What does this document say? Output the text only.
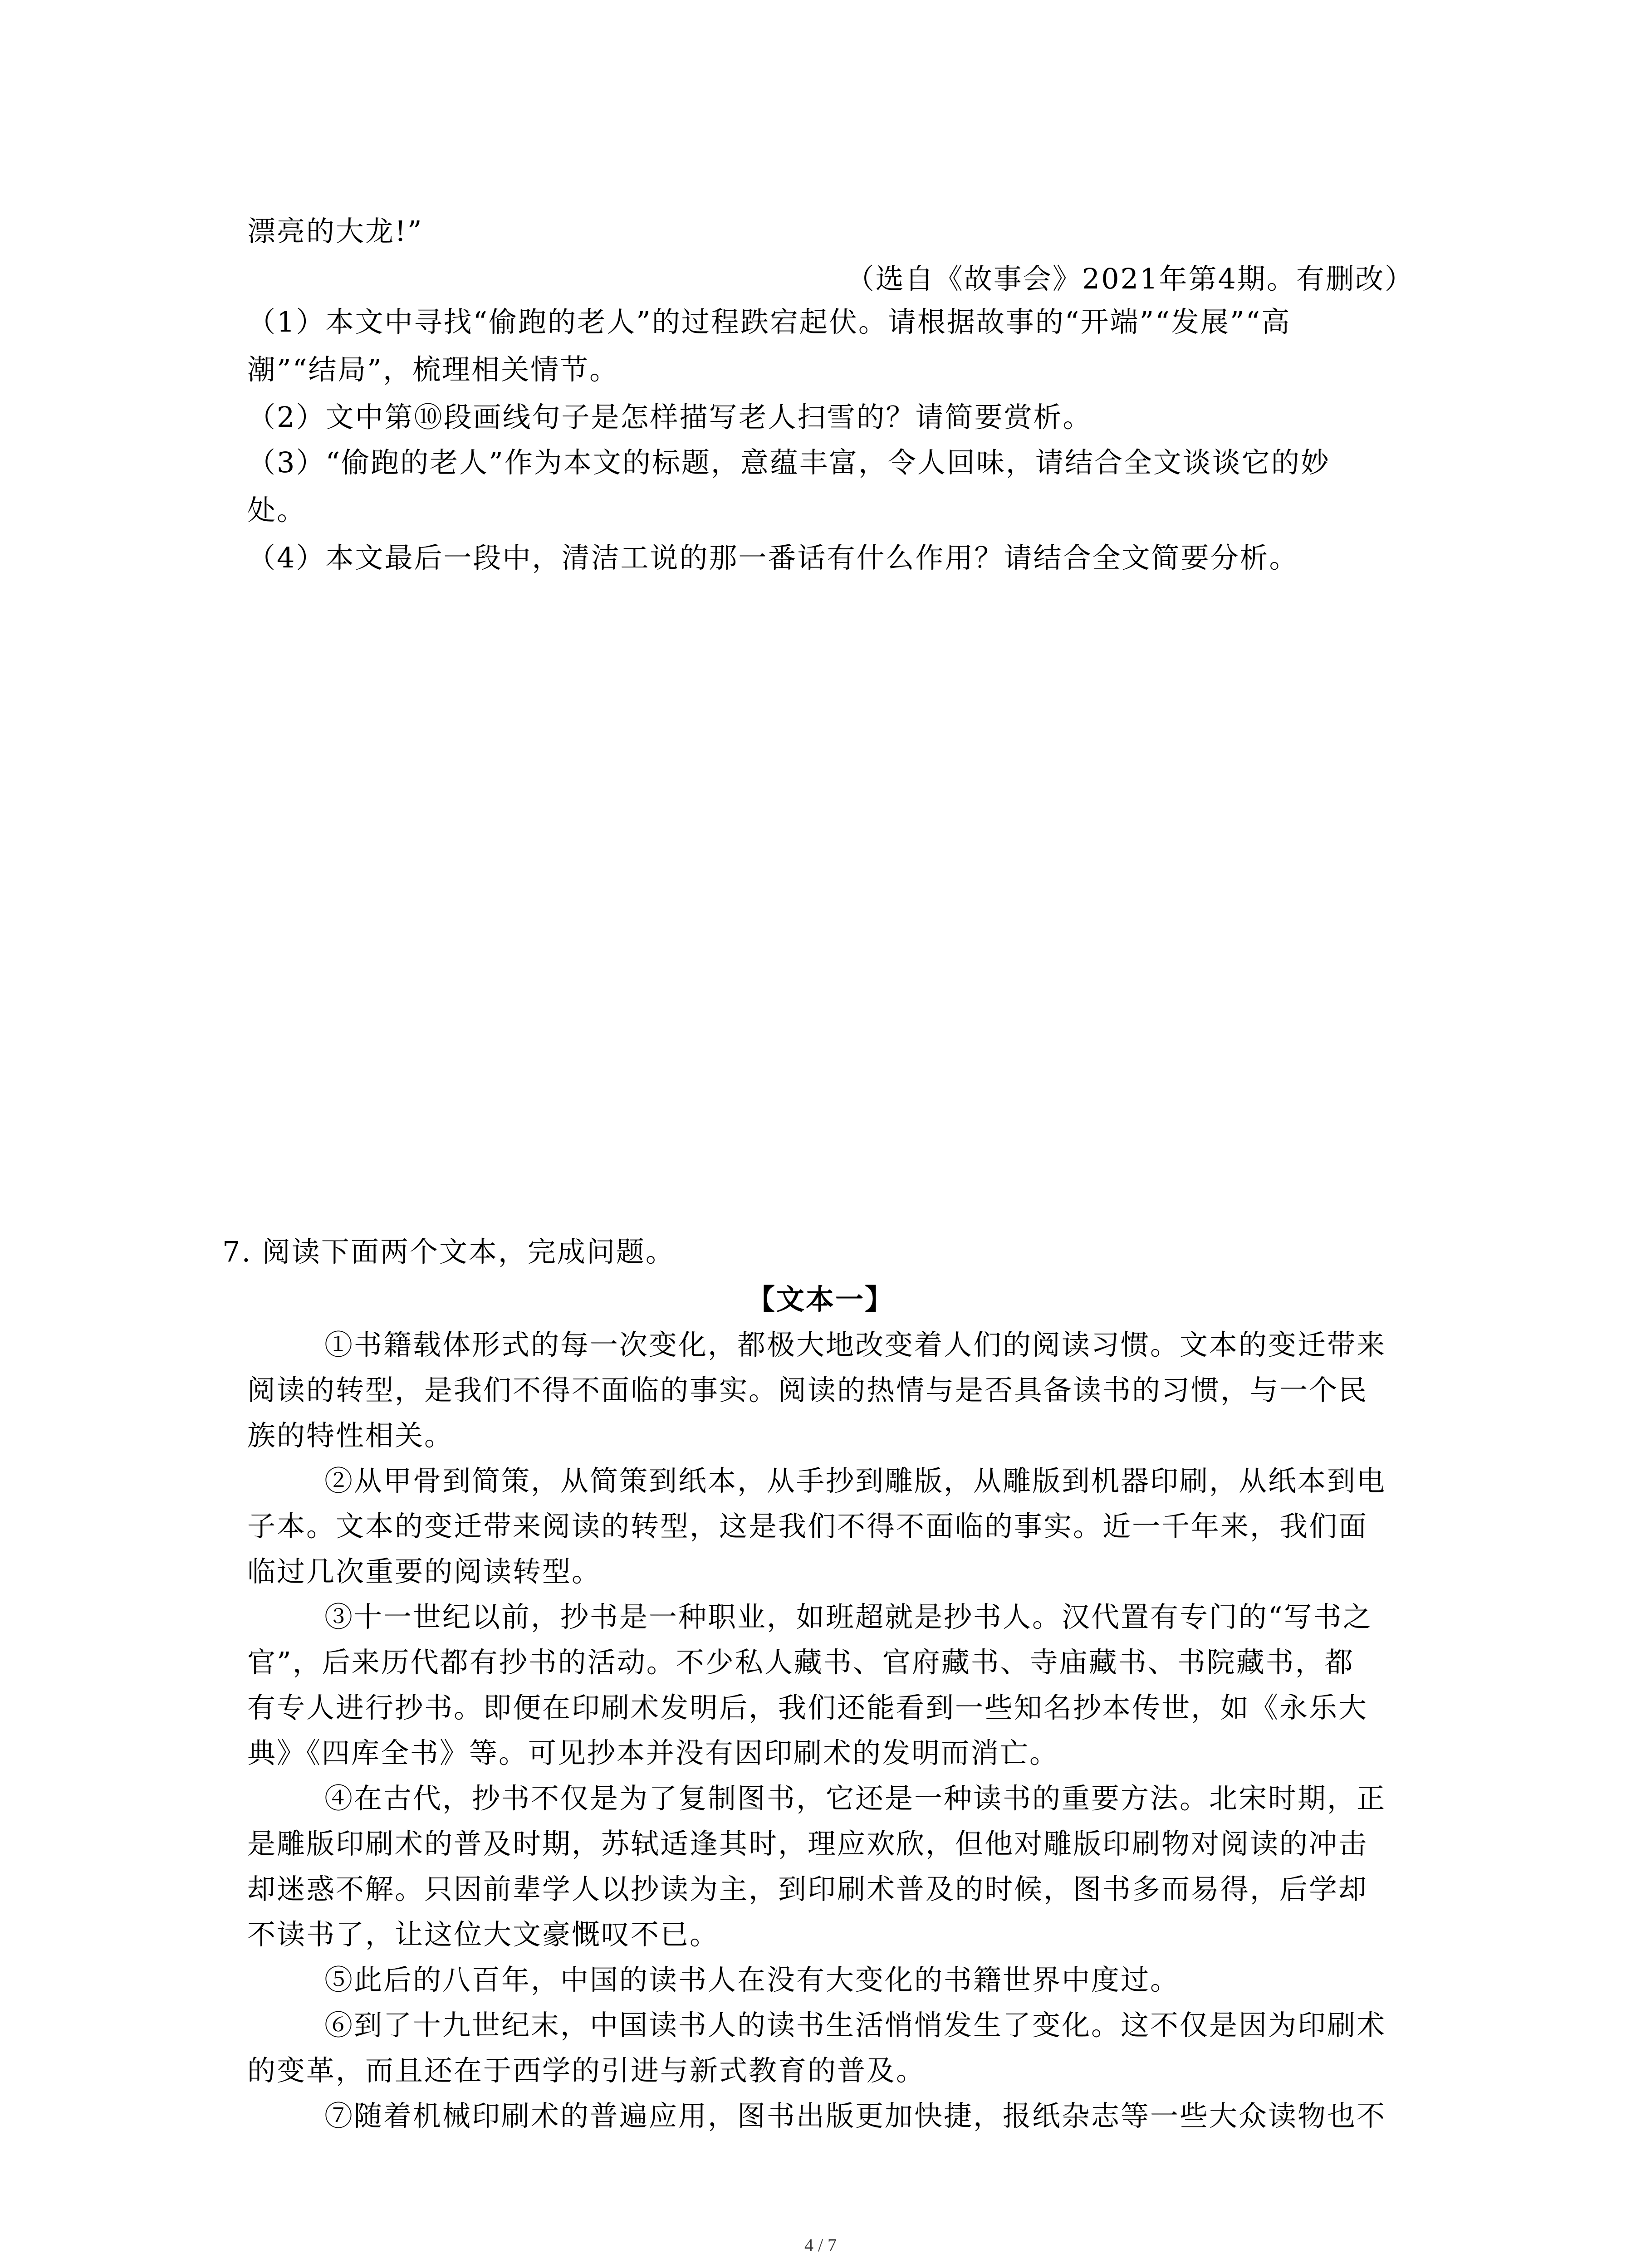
漂亮的大龙!”
（选自《故事会》2021年第4期。有删改）
（1）本文中寻找“偷跑的老人”的过程跌宕起伏。请根据故事的“开端”“发展”“高
潮”“结局”，梳理相关情节。
（2）文中第⑩段画线句子是怎样描写老人扫雪的？请简要赏析。
（3）“偷跑的老人”作为本文的标题，意蕴丰富，令人回味，请结合全文谈谈它的妙
处。
（4）本文最后一段中，清洁工说的那一番话有什么作用？请结合全文简要分析。
7. 阅读下面两个文本，完成问题。
【文本一】
①书籍载体形式的每一次变化，都极大地改变着人们的阅读习惯。文本的变迁带来
阅读的转型，是我们不得不面临的事实。阅读的热情与是否具备读书的习惯，与一个民
族的特性相关。
②从甲骨到简策，从简策到纸本，从手抄到雕版，从雕版到机器印刷，从纸本到电
子本。文本的变迁带来阅读的转型，这是我们不得不面临的事实。近一千年来，我们面
临过几次重要的阅读转型。
③十一世纪以前，抄书是一种职业，如班超就是抄书人。汉代置有专门的“写书之
官”，后来历代都有抄书的活动。不少私人藏书、官府藏书、寺庙藏书、书院藏书，都
有专人进行抄书。即便在印刷术发明后，我们还能看到一些知名抄本传世，如《永乐大
典》《四库全书》等。可见抄本并没有因印刷术的发明而消亡。
④在古代，抄书不仅是为了复制图书，它还是一种读书的重要方法。北宋时期，正
是雕版印刷术的普及时期，苏轼适逢其时，理应欢欣，但他对雕版印刷物对阅读的冲击
却迷惑不解。只因前辈学人以抄读为主，到印刷术普及的时候，图书多而易得，后学却
不读书了，让这位大文豪慨叹不已。
⑤此后的八百年，中国的读书人在没有大变化的书籍世界中度过。
⑥到了十九世纪末，中国读书人的读书生活悄悄发生了变化。这不仅是因为印刷术
的变革，而且还在于西学的引进与新式教育的普及。
⑦随着机械印刷术的普遍应用，图书出版更加快捷，报纸杂志等一些大众读物也不
4 / 7
